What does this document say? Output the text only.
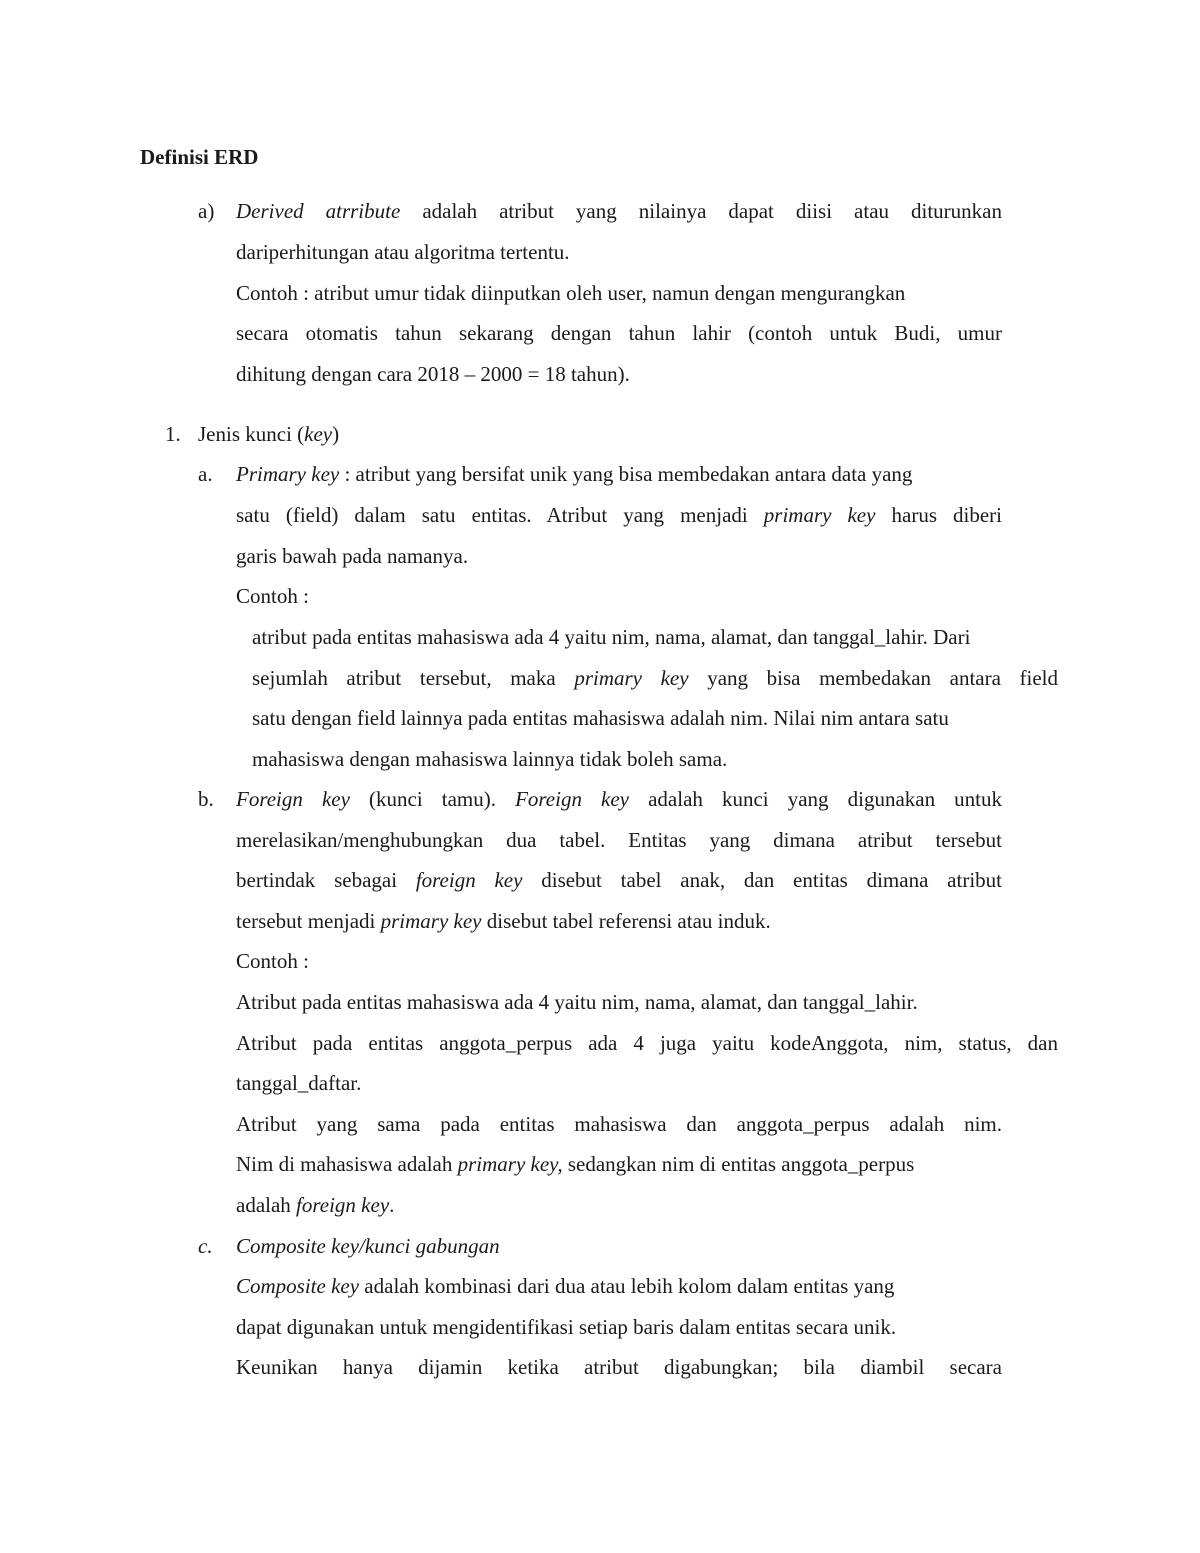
Definisi ERD
a) Derived atrribute adalah atribut yang nilainya dapat diisi atau diturunkan
dariperhitungan atau algoritma tertentu.
Contoh : atribut umur tidak diinputkan oleh user, namun dengan mengurangkan
secara otomatis tahun sekarang dengan tahun lahir (contoh untuk Budi, umur
dihitung dengan cara 2018 – 2000 = 18 tahun).
1. Jenis kunci (key)
a. Primary key : atribut yang bersifat unik yang bisa membedakan antara data yang
satu (field) dalam satu entitas. Atribut yang menjadi primary key harus diberi
garis bawah pada namanya.
Contoh :
atribut pada entitas mahasiswa ada 4 yaitu nim, nama, alamat, dan tanggal_lahir. Dari
sejumlah atribut tersebut, maka primary key yang bisa membedakan antara field
satu dengan field lainnya pada entitas mahasiswa adalah nim. Nilai nim antara satu
mahasiswa dengan mahasiswa lainnya tidak boleh sama.
b. Foreign key (kunci tamu). Foreign key adalah kunci yang digunakan untuk
merelasikan/menghubungkan dua tabel. Entitas yang dimana atribut tersebut
bertindak sebagai foreign key disebut tabel anak, dan entitas dimana atribut
tersebut menjadi primary key disebut tabel referensi atau induk.
Contoh :
Atribut pada entitas mahasiswa ada 4 yaitu nim, nama, alamat, dan tanggal_lahir.
Atribut pada entitas anggota_perpus ada 4 juga yaitu kodeAnggota, nim, status, dan
tanggal_daftar.
Atribut yang sama pada entitas mahasiswa dan anggota_perpus adalah nim.
Nim di mahasiswa adalah primary key, sedangkan nim di entitas anggota_perpus
adalah foreign key.
c. Composite key/kunci gabungan
Composite key adalah kombinasi dari dua atau lebih kolom dalam entitas yang
dapat digunakan untuk mengidentifikasi setiap baris dalam entitas secara unik.
Keunikan hanya dijamin ketika atribut digabungkan; bila diambil secara
